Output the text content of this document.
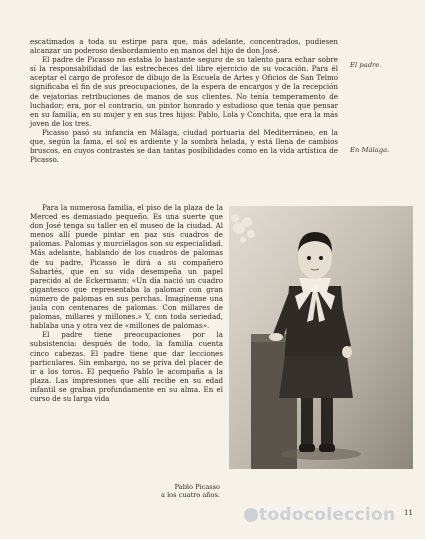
escatimados a toda su estirpe para que, más adelante, concentrados, pudiesen alcanzar un poderoso desbordamiento en manos del hijo de don José.

El padre de Picasso no estaba lo bastante seguro de su talento para echar sobre sí la responsabilidad de las estrecheces del libre ejercicio de su vocación. Para él aceptar el cargo de profesor de dibujo de la Escuela de Artes y Oficios de San Telmo significaba el fin de sus preocupaciones, de la espera de encargos y de la recepción de vejatorias retribuciones de manos de sus clientes. No tenía temperamento de luchador; era, por el contrario, un pintor honrado y estudioso que tenía que pensar en su familia, en su mujer y en sus tres hijos: Pablo, Lola y Conchita, que era la más joven de los tres.

Picasso pasó su infancia en Málaga, ciudad portuaria del Mediterráneo, en la que, según la fama, el sol es ardiente y la sombra helada, y está llena de cambios bruscos, en cuyos contrastes se dan tantas posibilidades como en la vida artística de Picasso.

El padre.
En Málaga.

Para la numerosa familia, el piso de la plaza de la Merced es demasiado pequeño. Es una suerte que don José tenga su taller en el museo de la ciudad. Al menos allí puede pintar en paz sus cuadros de palomas. Palomas y murciélagos son su especialidad. Más adelante, hablando de los cuadros de palomas de su padre, Picasso le dirá a su compañero Sabartés, que en su vida desempeña un papel parecido al de Eckermann: «Un día nació un cuadro gigantesco que representaba la palomar con gran número de palomas en sus perchas. Imagínense una jaula con centenares de palomas. Con millares de palomas, millares y millones.» Y, con toda seriedad, hablaba una y otra vez de «millones de palomas».

El padre tiene preocupaciones por la subsistencia: después de todo, la familia cuenta cinco cabezas. El padre tiene que dar lecciones particulares. Sin embargo, no se priva del placer de ir a los toros. El pequeño Pablo le acompaña a la plaza. Las impresiones que allí recibe en su edad infantil se graban profundamente en su alma. En el curso de su larga vida

Pablo Picasso
a los cuatro años.
todocoleccion	11
